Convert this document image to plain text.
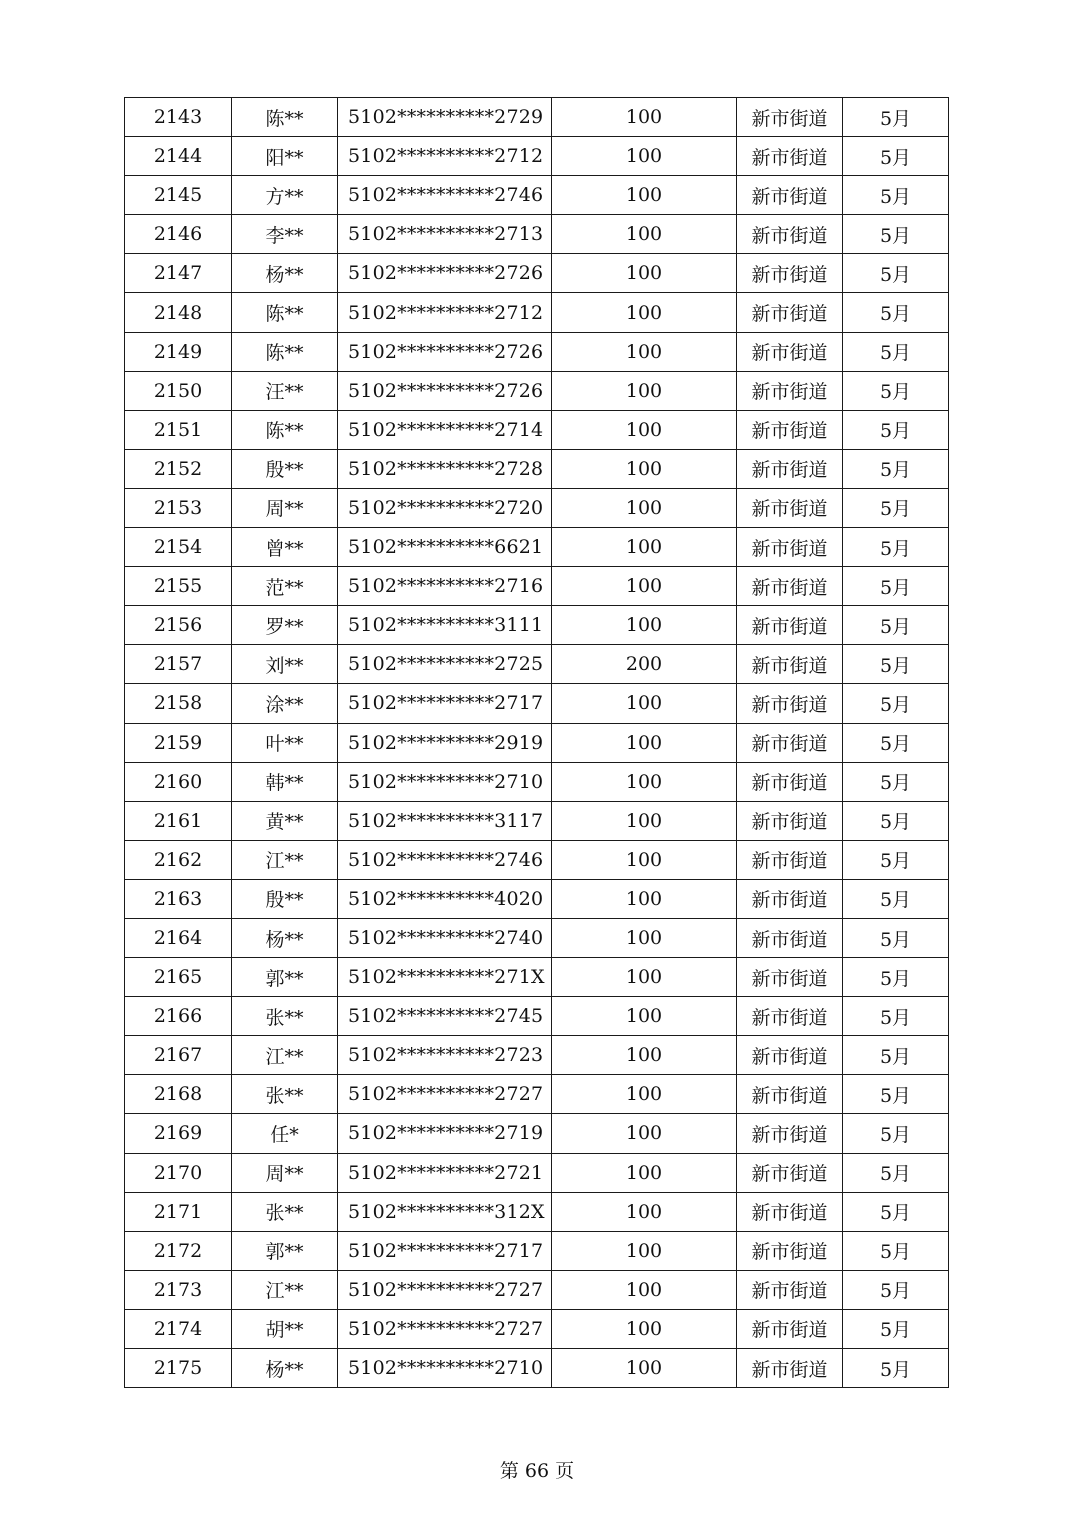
2143	陈**	5102**********2729	100	新市街道	5月
2144	阳**	5102**********2712	100	新市街道	5月
2145	方**	5102**********2746	100	新市街道	5月
2146	李**	5102**********2713	100	新市街道	5月
2147	杨**	5102**********2726	100	新市街道	5月
2148	陈**	5102**********2712	100	新市街道	5月
2149	陈**	5102**********2726	100	新市街道	5月
2150	汪**	5102**********2726	100	新市街道	5月
2151	陈**	5102**********2714	100	新市街道	5月
2152	殷**	5102**********2728	100	新市街道	5月
2153	周**	5102**********2720	100	新市街道	5月
2154	曾**	5102**********6621	100	新市街道	5月
2155	范**	5102**********2716	100	新市街道	5月
2156	罗**	5102**********3111	100	新市街道	5月
2157	刘**	5102**********2725	200	新市街道	5月
2158	涂**	5102**********2717	100	新市街道	5月
2159	叶**	5102**********2919	100	新市街道	5月
2160	韩**	5102**********2710	100	新市街道	5月
2161	黄**	5102**********3117	100	新市街道	5月
2162	江**	5102**********2746	100	新市街道	5月
2163	殷**	5102**********4020	100	新市街道	5月
2164	杨**	5102**********2740	100	新市街道	5月
2165	郭**	5102**********271X	100	新市街道	5月
2166	张**	5102**********2745	100	新市街道	5月
2167	江**	5102**********2723	100	新市街道	5月
2168	张**	5102**********2727	100	新市街道	5月
2169	任*	5102**********2719	100	新市街道	5月
2170	周**	5102**********2721	100	新市街道	5月
2171	张**	5102**********312X	100	新市街道	5月
2172	郭**	5102**********2717	100	新市街道	5月
2173	江**	5102**********2727	100	新市街道	5月
2174	胡**	5102**********2727	100	新市街道	5月
2175	杨**	5102**********2710	100	新市街道	5月
第 66 页
